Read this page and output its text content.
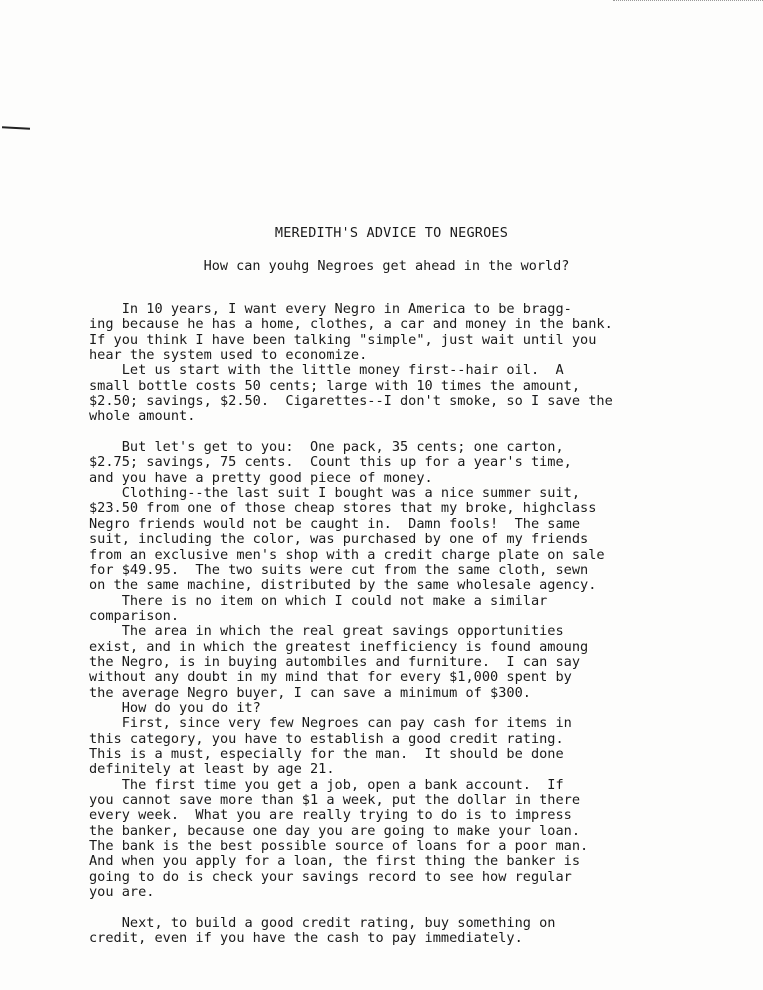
MEREDITH'S ADVICE TO NEGROES
How can youhg Negroes get ahead in the world?
In 10 years, I want every Negro in America to be bragg-
ing because he has a home, clothes, a car and money in the bank.
If you think I have been talking "simple", just wait until you
hear the system used to economize.
Let us start with the little money first--hair oil.  A
small bottle costs 50 cents; large with 10 times the amount,
$2.50; savings, $2.50.  Cigarettes--I don't smoke, so I save the
whole amount.
But let's get to you:  One pack, 35 cents; one carton,
$2.75; savings, 75 cents.  Count this up for a year's time,
and you have a pretty good piece of money.
Clothing--the last suit I bought was a nice summer suit,
$23.50 from one of those cheap stores that my broke, highclass
Negro friends would not be caught in.  Damn fools!  The same
suit, including the color, was purchased by one of my friends
from an exclusive men's shop with a credit charge plate on sale
for $49.95.  The two suits were cut from the same cloth, sewn
on the same machine, distributed by the same wholesale agency.
There is no item on which I could not make a similar
comparison.
The area in which the real great savings opportunities
exist, and in which the greatest inefficiency is found amoung
the Negro, is in buying autombiles and furniture.  I can say
without any doubt in my mind that for every $1,000 spent by
the average Negro buyer, I can save a minimum of $300.
How do you do it?
First, since very few Negroes can pay cash for items in
this category, you have to establish a good credit rating.
This is a must, especially for the man.  It should be done
definitely at least by age 21.
The first time you get a job, open a bank account.  If
you cannot save more than $1 a week, put the dollar in there
every week.  What you are really trying to do is to impress
the banker, because one day you are going to make your loan.
The bank is the best possible source of loans for a poor man.
And when you apply for a loan, the first thing the banker is
going to do is check your savings record to see how regular
you are.
Next, to build a good credit rating, buy something on
credit, even if you have the cash to pay immediately.
